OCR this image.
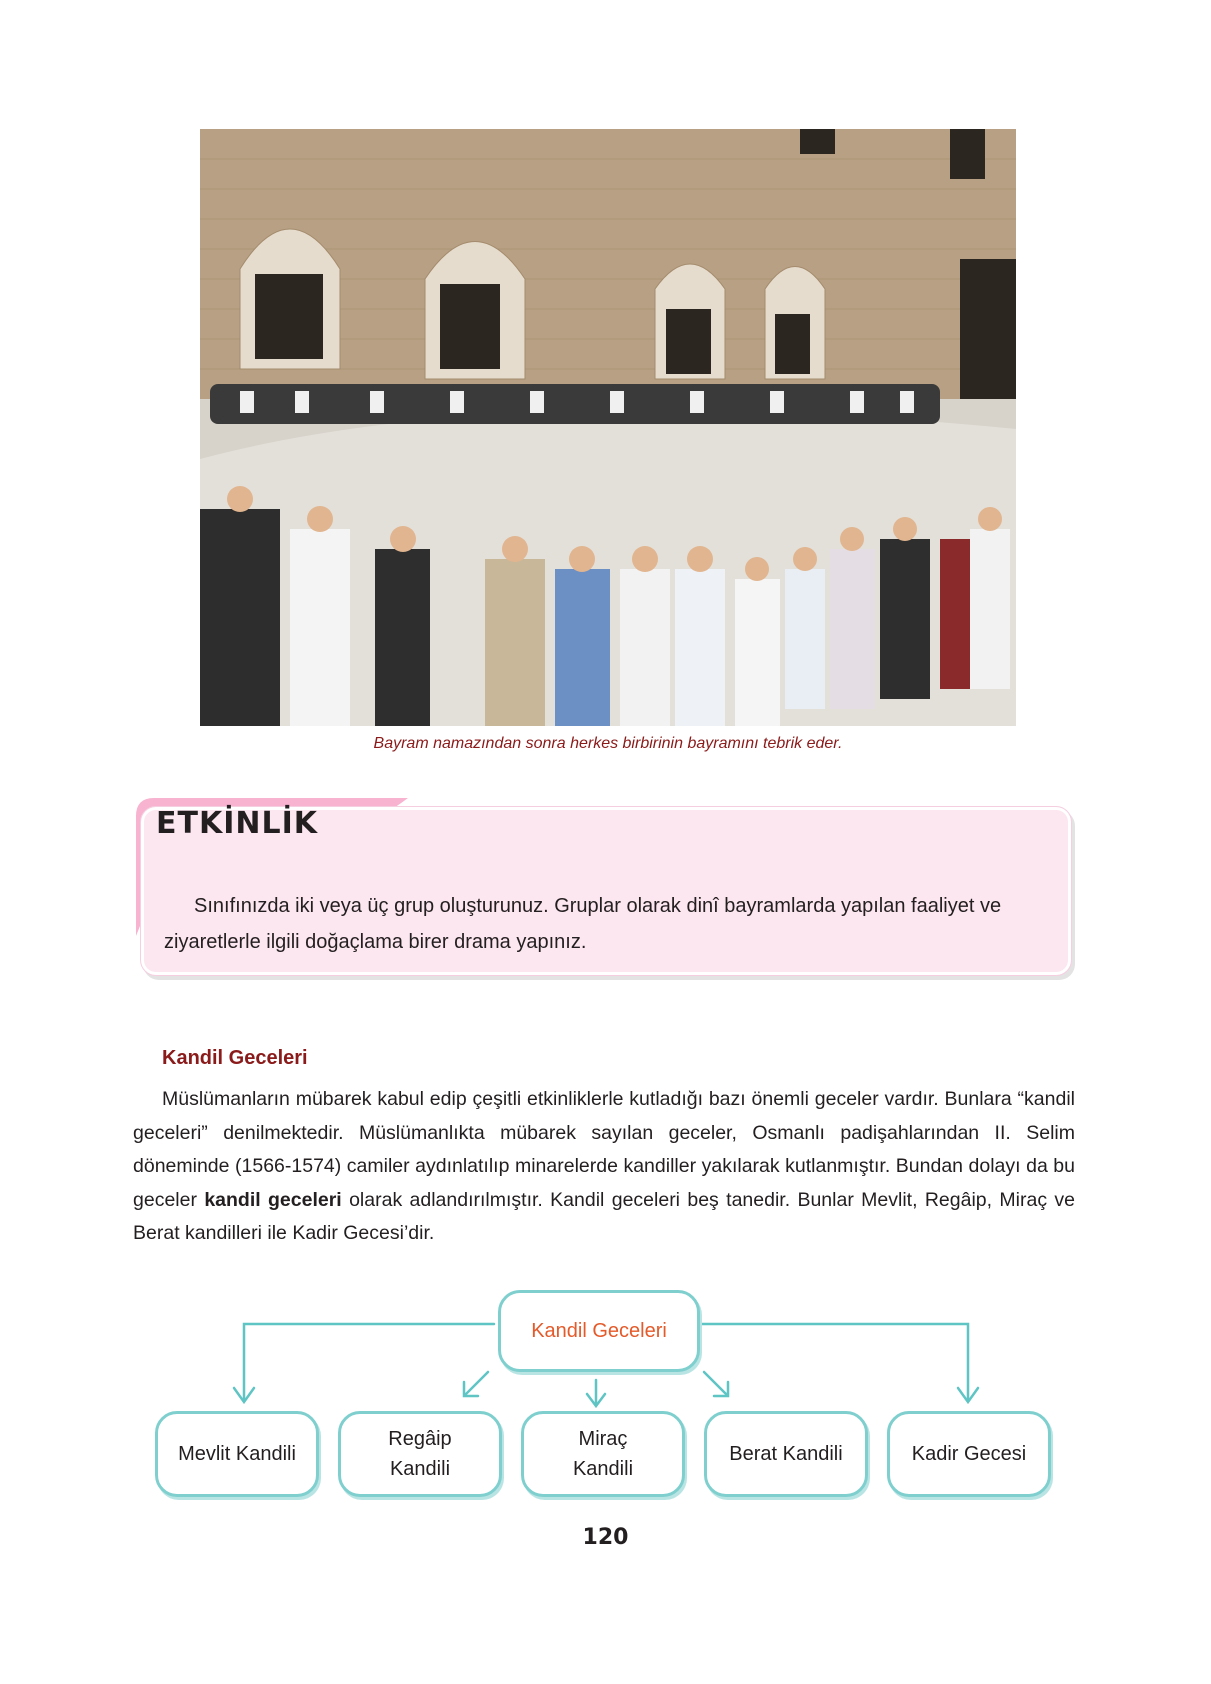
Bayram namazından sonra herkes birbirinin bayramını tebrik eder.
ETKİNLİK
Sınıfınızda iki veya üç grup oluşturunuz. Gruplar olarak dinî bayramlarda yapılan faaliyet ve ziyaretlerle ilgili doğaçlama birer drama yapınız.
Kandil Geceleri

Müslümanların mübarek kabul edip çeşitli etkinliklerle kutladığı bazı önemli geceler vardır. Bunlara “kandil geceleri” denilmektedir. Müslümanlıkta mübarek sayılan geceler, Osmanlı padişahlarından II. Selim döneminde (1566-1574) camiler aydınlatılıp minarelerde kandiller yakılarak kutlanmıştır. Bundan dolayı da bu geceler kandil geceleri olarak adlandırılmıştır. Kandil geceleri beş tanedir. Bunlar Mevlit, Regâip, Miraç ve Berat kandilleri ile Kadir Gecesi’dir.

Kandil Geceleri
Mevlit Kandili
Regâip
Kandili
Miraç
Kandili
Berat Kandili	Kadir Gecesi
120
